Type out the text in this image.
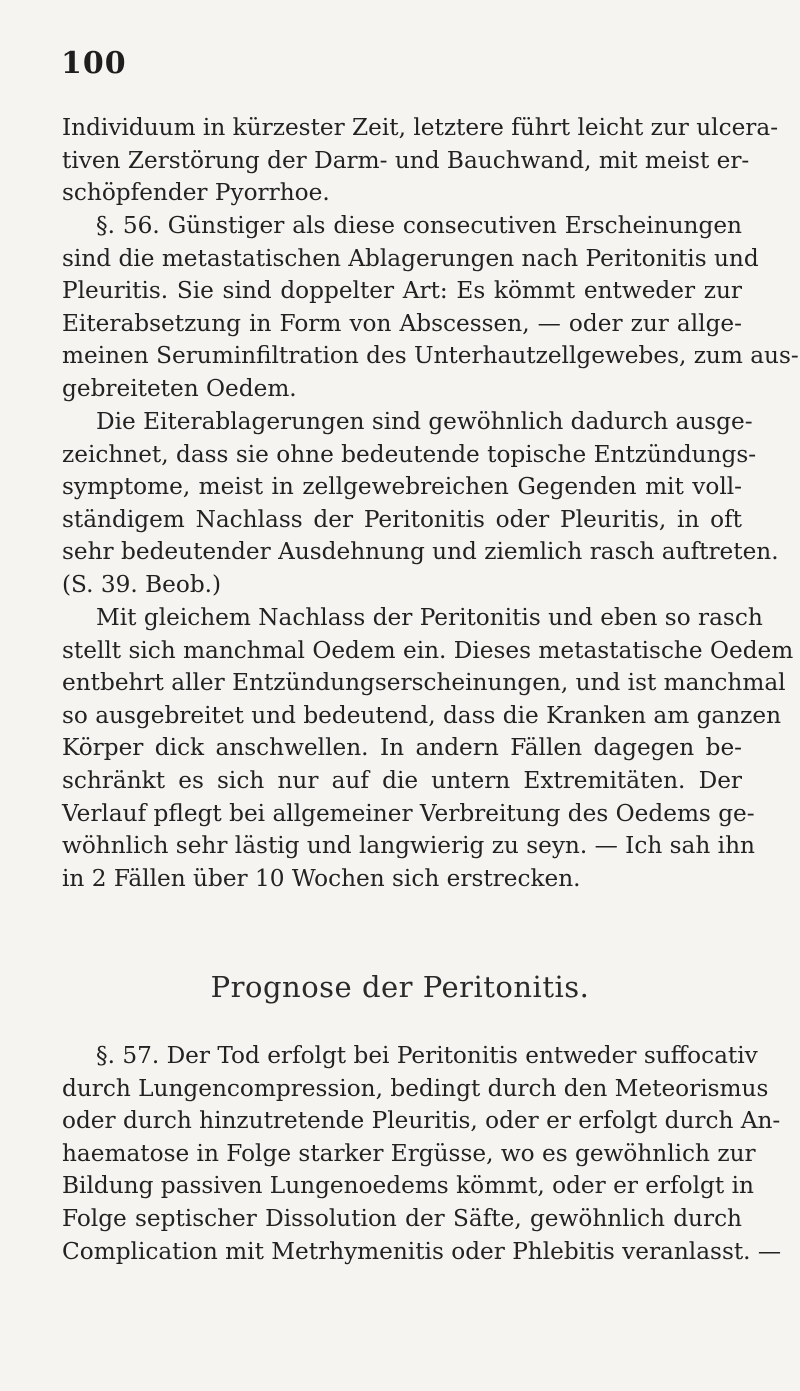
100
Individuum in kürzester Zeit, letztere führt leicht zur ulcera-
tiven Zerstörung der Darm- und Bauchwand, mit meist er-
schöpfender Pyorrhoe.
§. 56. Günstiger als diese consecutiven Erscheinungen
sind die metastatischen Ablagerungen nach Peritonitis und
Pleuritis. Sie sind doppelter Art: Es kömmt entweder zur
Eiterabsetzung in Form von Abscessen, — oder zur allge-
meinen Seruminfiltration des Unterhautzellgewebes, zum aus-
gebreiteten Oedem.
Die Eiterablagerungen sind gewöhnlich dadurch ausge-
zeichnet, dass sie ohne bedeutende topische Entzündungs-
symptome, meist in zellgewebreichen Gegenden mit voll-
ständigem Nachlass der Peritonitis oder Pleuritis, in oft
sehr bedeutender Ausdehnung und ziemlich rasch auftreten.
(S. 39. Beob.)
Mit gleichem Nachlass der Peritonitis und eben so rasch
stellt sich manchmal Oedem ein. Dieses metastatische Oedem
entbehrt aller Entzündungserscheinungen, und ist manchmal
so ausgebreitet und bedeutend, dass die Kranken am ganzen
Körper dick anschwellen. In andern Fällen dagegen be-
schränkt es sich nur auf die untern Extremitäten. Der
Verlauf pflegt bei allgemeiner Verbreitung des Oedems ge-
wöhnlich sehr lästig und langwierig zu seyn. — Ich sah ihn
in 2 Fällen über 10 Wochen sich erstrecken.
Prognose der Peritonitis.
§. 57. Der Tod erfolgt bei Peritonitis entweder suffocativ
durch Lungencompression, bedingt durch den Meteorismus
oder durch hinzutretende Pleuritis, oder er erfolgt durch An-
haematose in Folge starker Ergüsse, wo es gewöhnlich zur
Bildung passiven Lungenoedems kömmt, oder er erfolgt in
Folge septischer Dissolution der Säfte, gewöhnlich durch
Complication mit Metrhymenitis oder Phlebitis veranlasst. —
